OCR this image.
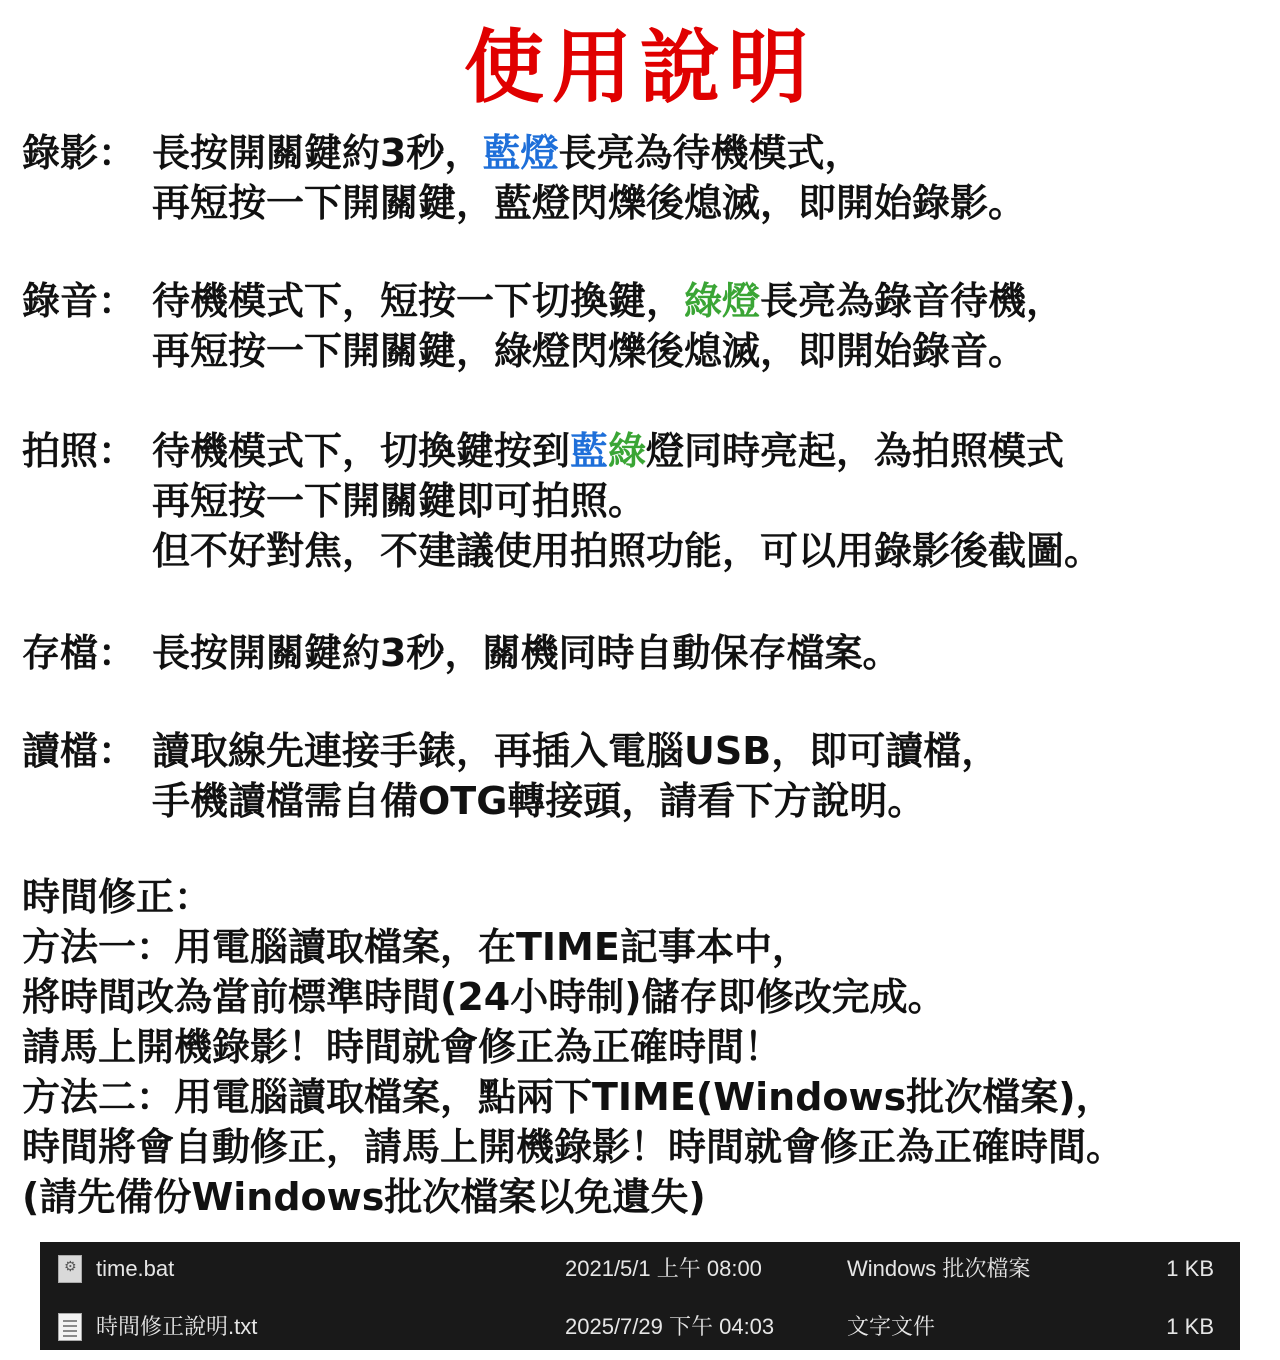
使用說明
錄影： 長按開關鍵約3秒，藍燈長亮為待機模式，
再短按一下開關鍵，藍燈閃爍後熄滅，即開始錄影。
錄音： 待機模式下，短按一下切換鍵，綠燈長亮為錄音待機，
再短按一下開關鍵，綠燈閃爍後熄滅，即開始錄音。
拍照： 待機模式下，切換鍵按到藍綠燈同時亮起，為拍照模式
再短按一下開關鍵即可拍照。
但不好對焦，不建議使用拍照功能，可以用錄影後截圖。
存檔： 長按開關鍵約3秒，關機同時自動保存檔案。
讀檔： 讀取線先連接手錶，再插入電腦USB，即可讀檔，
手機讀檔需自備OTG轉接頭，請看下方說明。
時間修正：
方法一：用電腦讀取檔案，在TIME記事本中，
將時間改為當前標準時間(24小時制)儲存即修改完成。
請馬上開機錄影！時間就會修正為正確時間！
方法二：用電腦讀取檔案，點兩下TIME(Windows批次檔案)，
時間將會自動修正，請馬上開機錄影！時間就會修正為正確時間。
(請先備份Windows批次檔案以免遺失)
⚙
time.bat	2021/5/1 上午 08:00	Windows 批次檔案	1 KB
時間修正說明.txt	2025/7/29 下午 04:03	文字文件	1 KB
